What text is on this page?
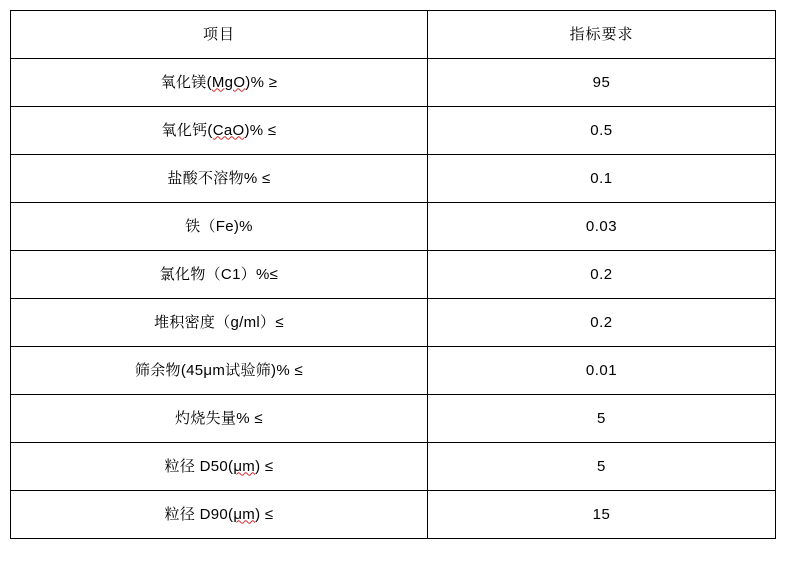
项目	指标要求
氧化镁(MgO)% ≥	95
氧化钙(CaO)% ≤	0.5
盐酸不溶物% ≤	0.1
铁（Fe)%	0.03
氯化物（C1）%≤	0.2
堆积密度（g/ml）≤	0.2
筛余物(45μm试验筛)% ≤	0.01
灼烧失量% ≤	5
粒径 D50(μm) ≤	5
粒径 D90(μm) ≤	15
